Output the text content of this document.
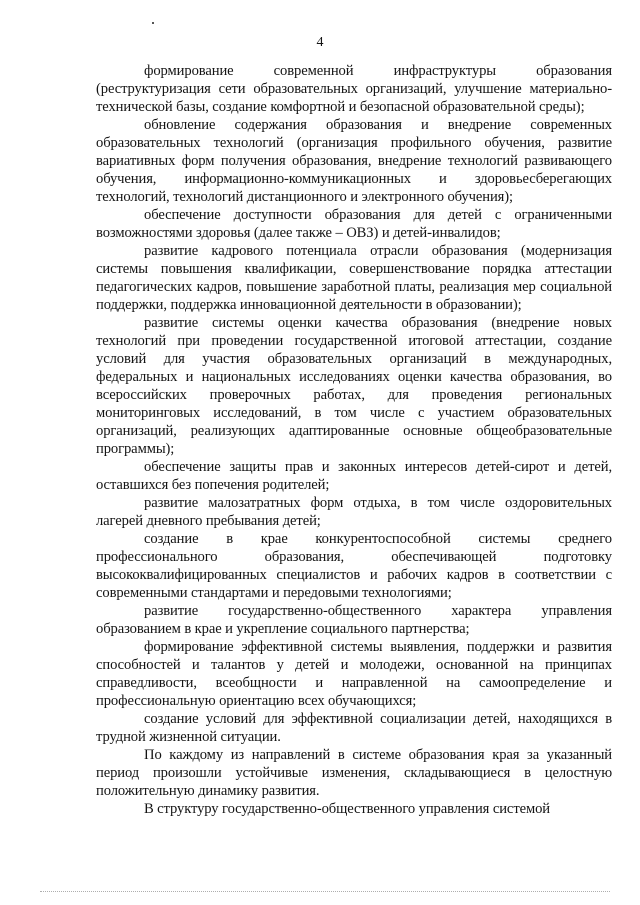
4

формирование современной инфраструктуры образования (реструктуризация сети образовательных организаций, улучшение материально-технической базы, создание комфортной и безопасной образовательной среды);

обновление содержания образования и внедрение современных образовательных технологий (организация профильного обучения, развитие вариативных форм получения образования, внедрение технологий развивающего обучения, информационно-коммуникационных и здоровьесберегающих технологий, технологий дистанционного и электронного обучения);

обеспечение доступности образования для детей с ограниченными возможностями здоровья (далее также – ОВЗ) и детей-инвалидов;

развитие кадрового потенциала отрасли образования (модернизация системы повышения квалификации, совершенствование порядка аттестации педагогических кадров, повышение заработной платы, реализация мер социальной поддержки, поддержка инновационной деятельности в образовании);

развитие системы оценки качества образования (внедрение новых технологий при проведении государственной итоговой аттестации, создание условий для участия образовательных организаций в международных, федеральных и национальных исследованиях оценки качества образования, во всероссийских проверочных работах, для проведения региональных мониторинговых исследований, в том числе с участием образовательных организаций, реализующих адаптированные основные общеобразовательные программы);

обеспечение защиты прав и законных интересов детей-сирот и детей, оставшихся без попечения родителей;

развитие малозатратных форм отдыха, в том числе оздоровительных лагерей дневного пребывания детей;

создание в крае конкурентоспособной системы среднего профессионального образования, обеспечивающей подготовку высококвалифицированных специалистов и рабочих кадров в соответствии с современными стандартами и передовыми технологиями;

развитие государственно-общественного характера управления образованием в крае и укрепление социального партнерства;

формирование эффективной системы выявления, поддержки и развития способностей и талантов у детей и молодежи, основанной на принципах справедливости, всеобщности и направленной на самоопределение и профессиональную ориентацию всех обучающихся;

создание условий для эффективной социализации детей, находящихся в трудной жизненной ситуации.

По каждому из направлений в системе образования края за указанный период произошли устойчивые изменения, складывающиеся в целостную положительную динамику развития.

В структуру государственно-общественного управления системой
